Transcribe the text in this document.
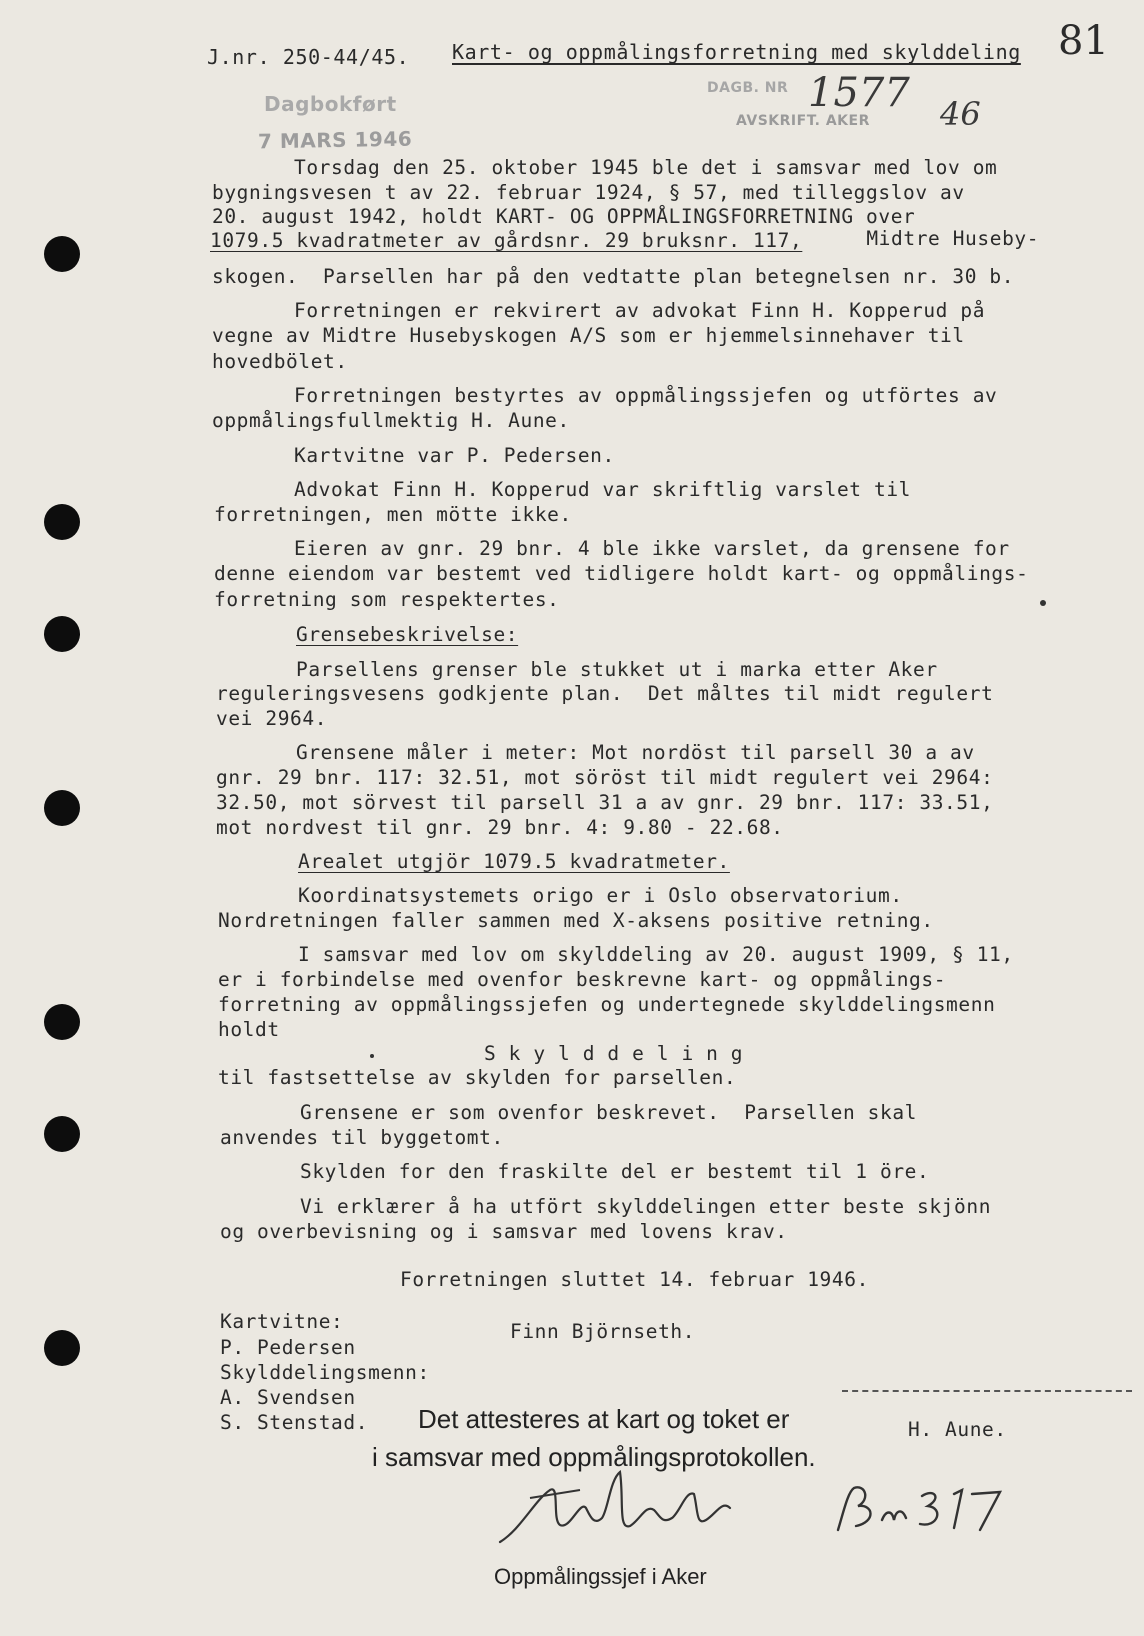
J.nr. 250-44/45. Kart- og oppmålingsforretning med skylddeling 81
Dagbokført
7 MARS 1946
DAGB. NR
AVSKRIFT. AKER
1577 46
Torsdag den 25. oktober 1945 ble det i samsvar med lov om
bygningsvesen t av 22. februar 1924, § 57, med tilleggslov av
20. august 1942, holdt KART- OG OPPMÅLINGSFORRETNING over
1079.5 kvadratmeter av gårdsnr. 29 bruksnr. 117,	Midtre Huseby-
skogen.  Parsellen har på den vedtatte plan betegnelsen nr. 30 b.
Forretningen er rekvirert av advokat Finn H. Kopperud på
vegne av Midtre Husebyskogen A/S som er hjemmelsinnehaver til
hovedbölet.
Forretningen bestyrtes av oppmålingssjefen og utförtes av
oppmålingsfullmektig H. Aune.
Kartvitne var P. Pedersen.
Advokat Finn H. Kopperud var skriftlig varslet til
forretningen, men mötte ikke.
Eieren av gnr. 29 bnr. 4 ble ikke varslet, da grensene for
denne eiendom var bestemt ved tidligere holdt kart- og oppmålings-
forretning som respektertes.
Grensebeskrivelse:
Parsellens grenser ble stukket ut i marka etter Aker
reguleringsvesens godkjente plan.  Det måltes til midt regulert
vei 2964.
Grensene måler i meter: Mot nordöst til parsell 30 a av
gnr. 29 bnr. 117: 32.51, mot söröst til midt regulert vei 2964:
32.50, mot sörvest til parsell 31 a av gnr. 29 bnr. 117: 33.51,
mot nordvest til gnr. 29 bnr. 4: 9.80 - 22.68.
Arealet utgjör 1079.5 kvadratmeter.
Koordinatsystemets origo er i Oslo observatorium.
Nordretningen faller sammen med X-aksens positive retning.
I samsvar med lov om skylddeling av 20. august 1909, § 11,
er i forbindelse med ovenfor beskrevne kart- og oppmålings-
forretning av oppmålingssjefen og undertegnede skylddelingsmenn
holdt
S k y l d d e l i n g
til fastsettelse av skylden for parsellen.
Grensene er som ovenfor beskrevet.  Parsellen skal
anvendes til byggetomt.
Skylden for den fraskilte del er bestemt til 1 öre.
Vi erklærer å ha utfört skylddelingen etter beste skjönn
og overbevisning og i samsvar med lovens krav.
Forretningen sluttet 14. februar 1946.
Kartvitne:	Finn Björnseth.
P. Pedersen
Skylddelingsmenn:
A. Svendsen
S. Stenstad.	H. Aune.
Det attesteres at kart og toket er
i samsvar med oppmålingsprotokollen.
Oppmålingssjef i Aker
